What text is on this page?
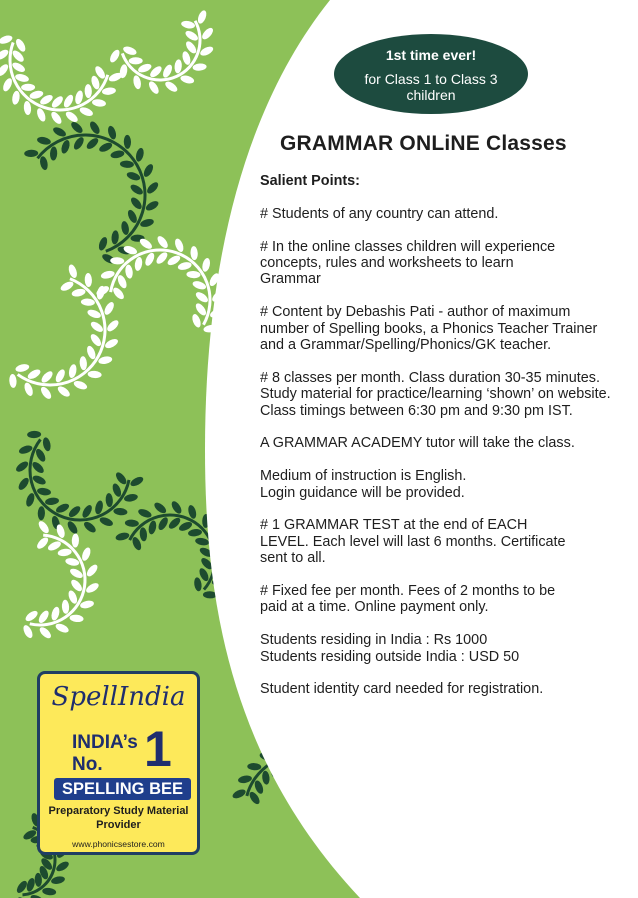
1st time ever!
for Class 1 to Class 3
children
GRAMMAR ONLiNE Classes

Salient Points:

# Students of any country can attend.

# In the online classes children will experience
concepts, rules and worksheets to learn
Grammar

# Content by Debashis Pati - author of maximum
number of Spelling books, a Phonics Teacher Trainer
and a Grammar/Spelling/Phonics/GK teacher.

# 8 classes per month. Class duration 30-35 minutes.
Study material for practice/learning ‘shown’ on website.
Class timings between 6:30 pm and 9:30 pm IST.

A GRAMMAR ACADEMY tutor will take the class.

Medium of instruction is English.
Login guidance will be provided.

# 1 GRAMMAR TEST at the end of EACH
LEVEL. Each level will last 6 months. Certificate
sent to all.

# Fixed fee per month. Fees of 2 months to be
paid at a time. Online payment only.

Students residing in India : Rs 1000
Students residing outside India : USD 50

Student identity card needed for registration.

SpellIndia
INDIA’s
No. 1
SPELLING BEE
Preparatory Study Material
Provider
www.phonicsestore.com
